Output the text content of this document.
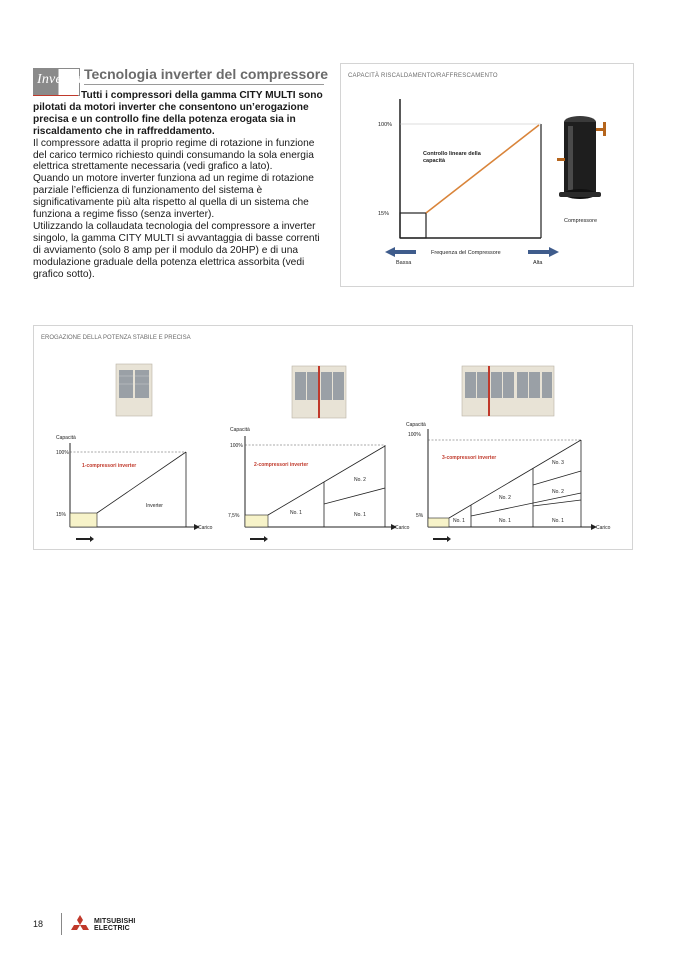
Inverter Tecnologia inverter del compressore

Tutti i compressori della gamma CITY MULTI sono pilotati da motori inverter che consentono un’erogazione precisa e un controllo fine della potenza erogata sia in riscaldamento che in raffreddamento.

Il compressore adatta il proprio regime di rotazione in funzione del carico termico richiesto quindi consumando la sola energia elettrica strettamente necessaria (vedi grafico a lato).

Quando un motore inverter funziona ad un regime di rotazione parziale l’efficienza di funzionamento del sistema è significativamente più alta rispetto al quella di un sistema che funziona a regime fisso (senza inverter).

Utilizzando la collaudata tecnologia del compressore a inverter singolo, la gamma CITY MULTI si avvantaggia di basse correnti di avviamento (solo 8 amp per il modulo da 20HP) e di una modulazione graduale della potenza elettrica assorbita (vedi grafico sotto).

CAPACITÀ RISCALDAMENTO/RAFFRESCAMENTO
100%
15%
Controllo lineare della
capacità
Frequenza del Compressore
Bassa	Alta
Compressore
EROGAZIONE DELLA POTENZA STABILE E PRECISA
Capacità
100%
15%
1-compressori inverter
Inverter
Carico
Capacità
100%
7,5%
2-compressori inverter
No. 1	No. 1
No. 2
Carico
Capacità
100%
5%
3-compressori inverter
No. 1	No. 1	No. 1
No. 2
No. 2
No. 3
Carico
18	MITSUBISHI
ELECTRIC
